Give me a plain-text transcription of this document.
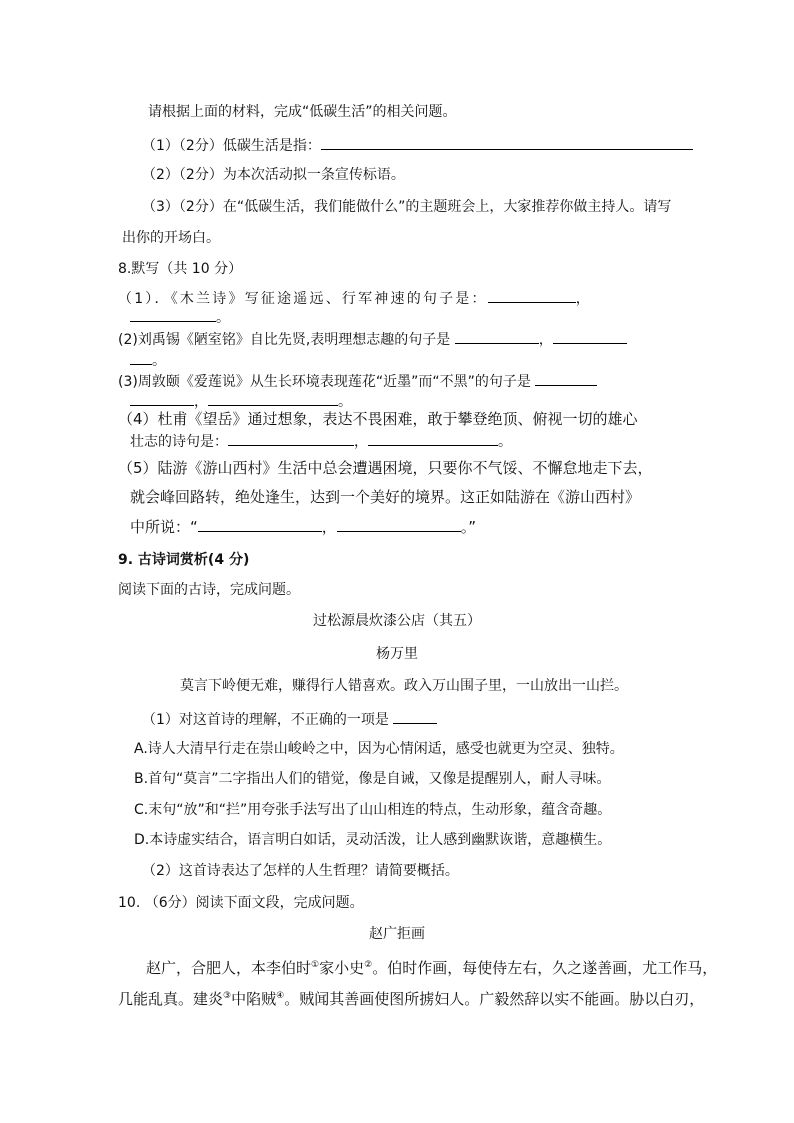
请根据上面的材料，完成“低碳生活”的相关问题。
（1）（2分）低碳生活是指：
（2）（2分）为本次活动拟一条宣传标语。
（3）（2分）在“低碳生活，我们能做什么”的主题班会上，大家推荐你做主持人。请写
出你的开场白。
8.默写（共 10 分）
（1）．《木兰诗》写征途遥远、行军神速的句子是：	，
。
(2)刘禹锡《陋室铭》自比先贤,表明理想志趣的句子是	，
。
(3)周敦颐《爱莲说》从生长环境表现莲花“近墨”而“不黑”的句子是
，	。
（4）杜甫《望岳》通过想象，表达不畏困难，敢于攀登绝顶、俯视一切的雄心
壮志的诗句是：	，	。
（5）陆游《游山西村》生活中总会遭遇困境，只要你不气馁、不懈怠地走下去，
就会峰回路转，绝处逢生，达到一个美好的境界。这正如陆游在《游山西村》
中所说：“	，	。”
9. 古诗词赏析(4 分)
阅读下面的古诗，完成问题。
过松源晨炊漆公店（其五）
杨万里
莫言下岭便无难，赚得行人错喜欢。政入万山围子里，一山放出一山拦。
（1）对这首诗的理解，不正确的一项是
A.诗人大清早行走在崇山峻岭之中，因为心情闲适，感受也就更为空灵、独特。
B.首句“莫言”二字指出人们的错觉，像是自诫，又像是提醒别人，耐人寻味。
C.末句“放”和“拦”用夸张手法写出了山山相连的特点，生动形象，蕴含奇趣。
D.本诗虚实结合，语言明白如话，灵动活泼，让人感到幽默诙谐，意趣横生。
（2）这首诗表达了怎样的人生哲理？请简要概括。
10. （6分）阅读下面文段，完成问题。
赵广拒画
赵广，合肥人，本李伯时①家小史②。伯时作画，每使侍左右，久之遂善画，尤工作马，
几能乱真。建炎③中陷贼④。贼闻其善画使图所掳妇人。广毅然辞以实不能画。胁以白刃，
